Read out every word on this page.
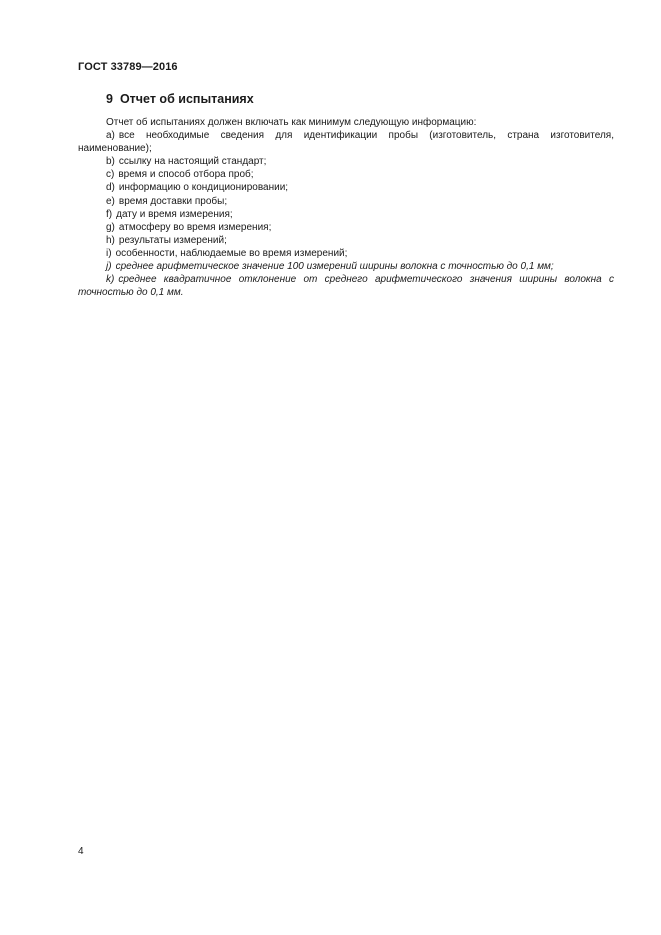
ГОСТ 33789—2016
9 Отчет об испытаниях

Отчет об испытаниях должен включать как минимум следующую информацию:

a) все необходимые сведения для идентификации пробы (изготовитель, страна изготовителя, наименование);

b) ссылку на настоящий стандарт;

c) время и способ отбора проб;

d) информацию о кондиционировании;

e) время доставки пробы;

f) дату и время измерения;

g) атмосферу во время измерения;

h) результаты измерений;

i) особенности, наблюдаемые во время измерений;

j) среднее арифметическое значение 100 измерений ширины волокна с точностью до 0,1 мм;

k) среднее квадратичное отклонение от среднего арифметического значения ширины волокна с точностью до 0,1 мм.

4
